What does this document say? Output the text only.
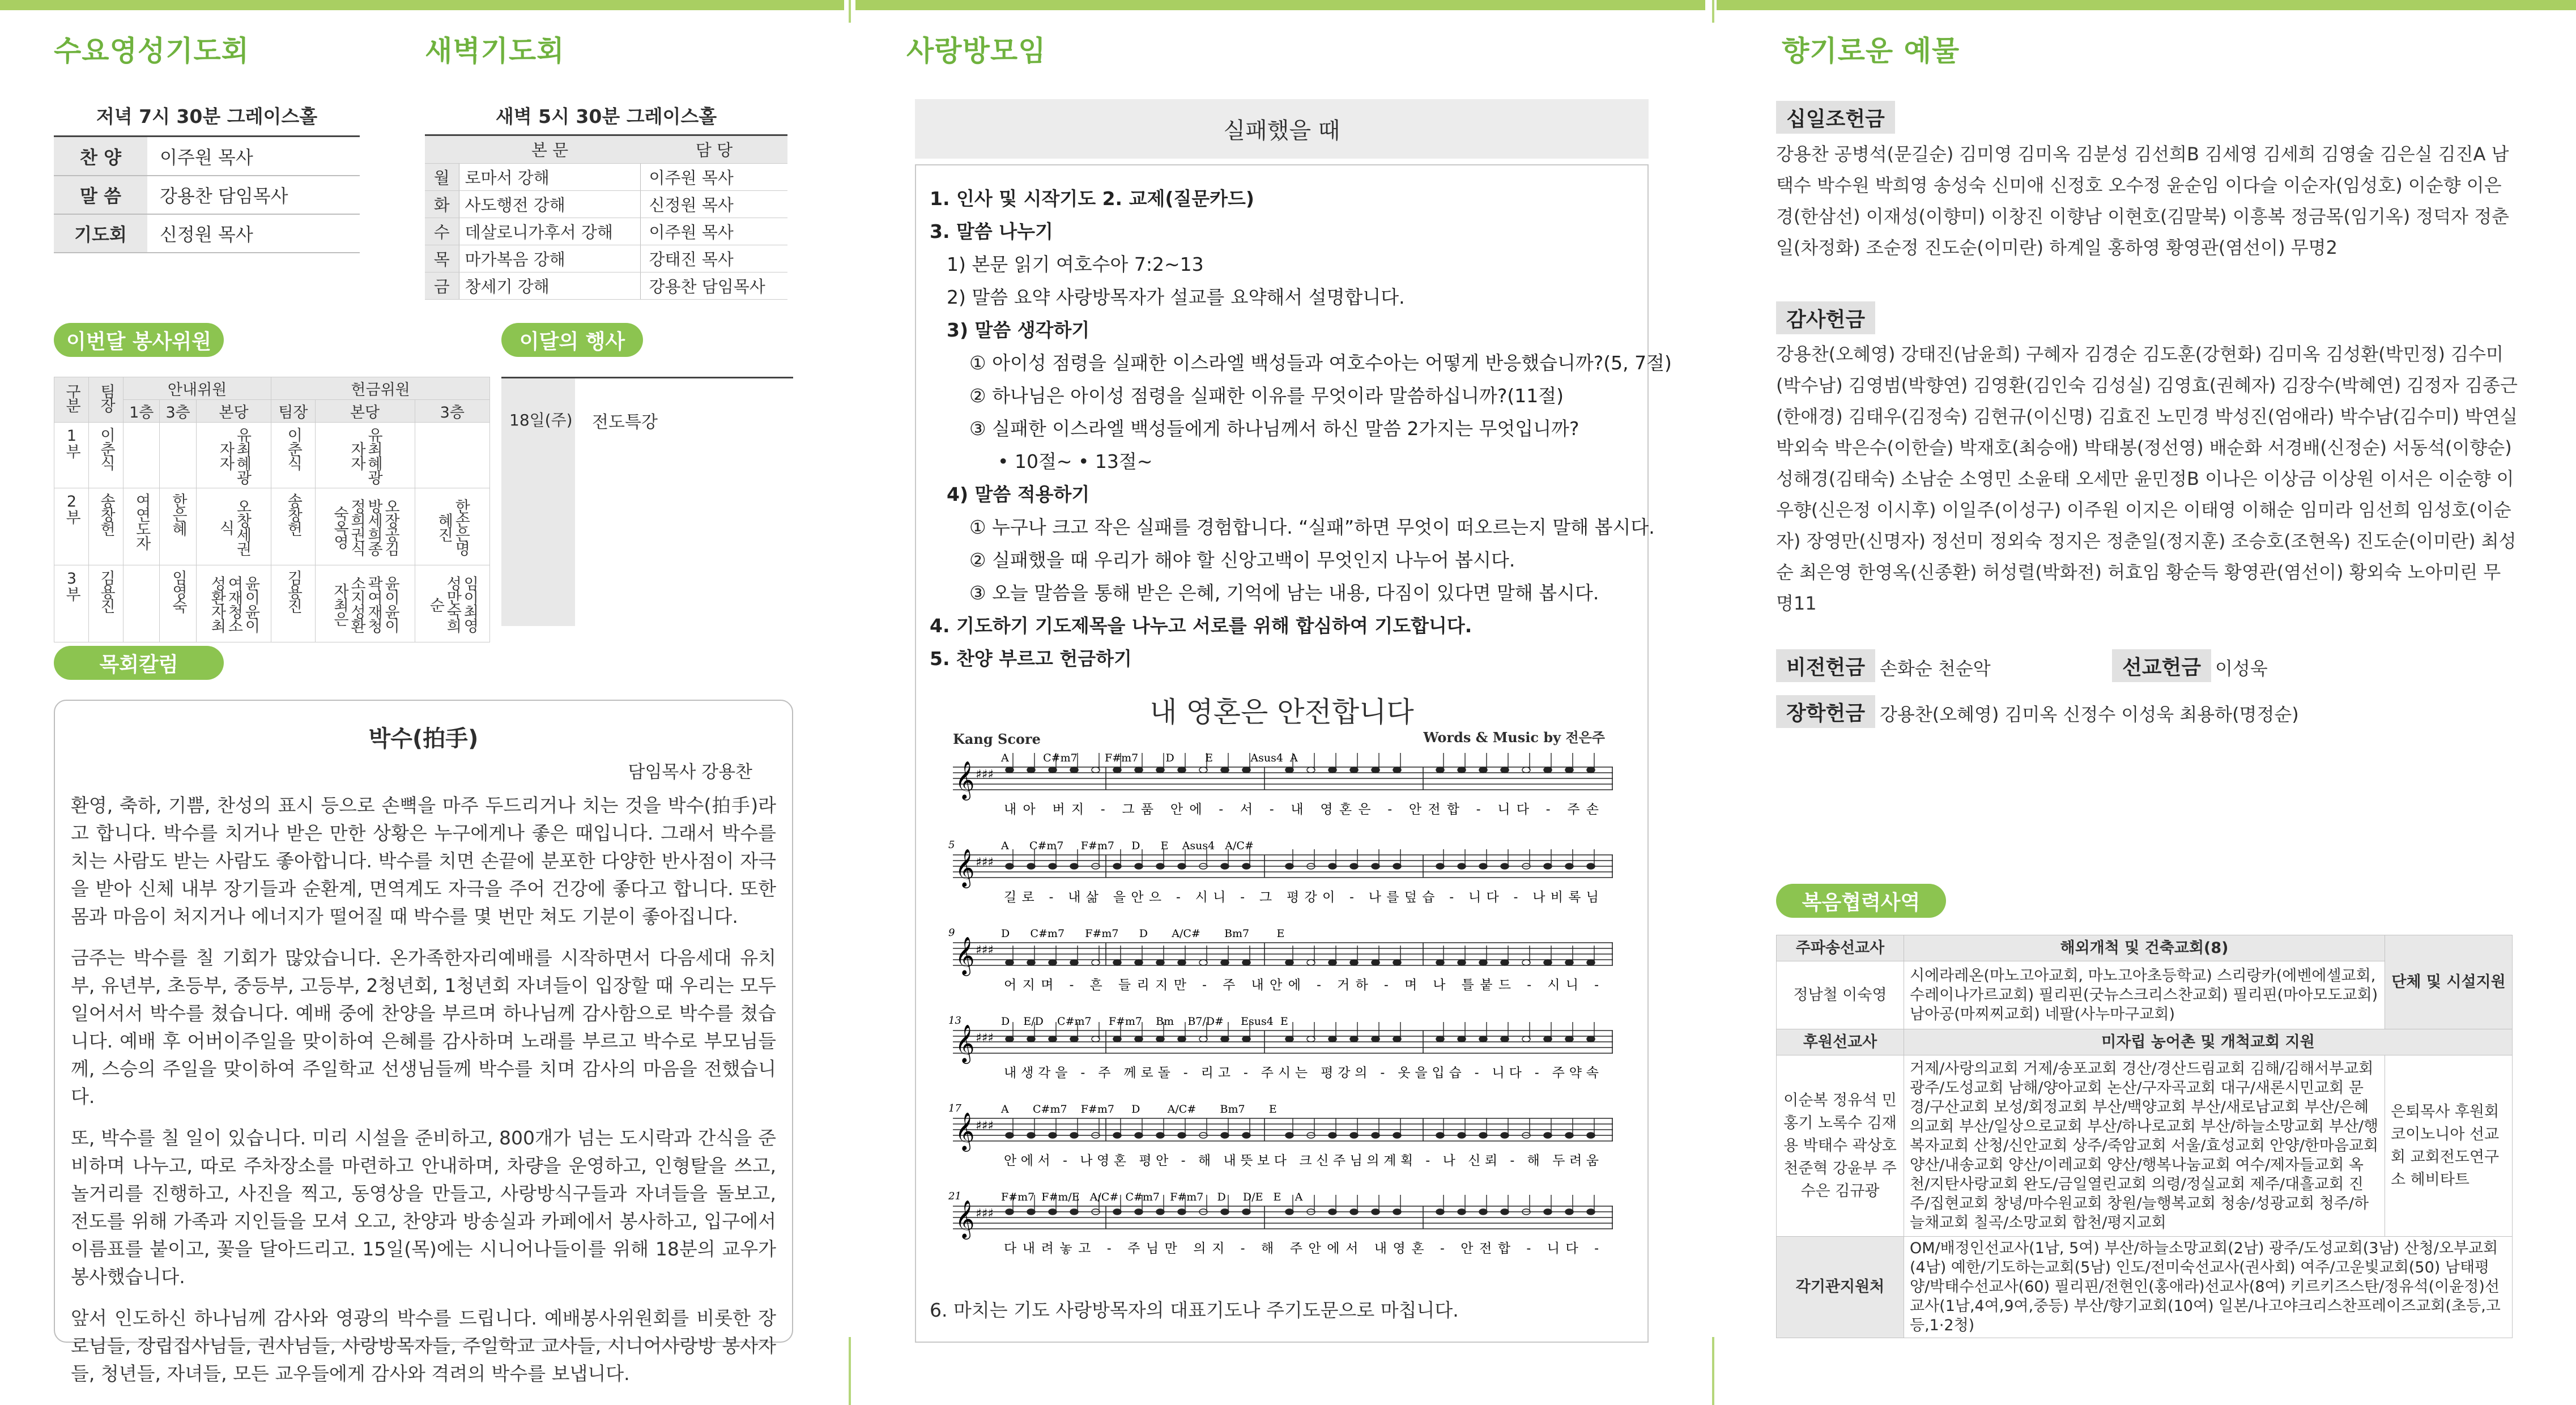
수요영성기도회	새벽기도회
저녁 7시 30분 그레이스홀
찬 양	이주원 목사
말 씀	강용찬 담임목사
기도회	신정원 목사
새벽 5시 30분 그레이스홀
	본 문	담 당
월	로마서 강해	이주원 목사
화	사도행전 강해	신정원 목사
수	데살로니가후서 강해	이주원 목사
목	마가복음 강해	강태진 목사
금	창세기 강해	강용찬 담임목사
이번달 봉사위원	이달의 행사
구분	팀장	안내위원			헌금위원		
		1층	3층	본당	팀장	본당	3층
1부	이춘식			유최혜광자자	이춘식	유최혜광자자	
2부	송창헌	여연도자	한은혜	오창세권식	송창헌	오장공김방세희종정희권식숙옥영	한손은명혜진
3부	김용진		임영숙	윤이윤이여재청소성환자최	김용진	윤이윤이곽여재청소지성환자최은	임이최영성만숙희순
18일(주) 전도특강
목회칼럼
박수(拍手)
담임목사 강용찬

환영, 축하, 기쁨, 찬성의 표시 등으로 손뼉을 마주 두드리거나 치는 것을 박수(拍手)라고 합니다. 박수를 치거나 받은 만한 상황은 누구에게나 좋은 때입니다. 그래서 박수를 치는 사람도 받는 사람도 좋아합니다. 박수를 치면 손끝에 분포한 다양한 반사점이 자극을 받아 신체 내부 장기들과 순환계, 면역계도 자극을 주어 건강에 좋다고 합니다. 또한 몸과 마음이 처지거나 에너지가 떨어질 때 박수를 몇 번만 쳐도 기분이 좋아집니다.

금주는 박수를 칠 기회가 많았습니다. 온가족한자리예배를 시작하면서 다음세대 유치부, 유년부, 초등부, 중등부, 고등부, 2청년회, 1청년회 자녀들이 입장할 때 우리는 모두 일어서서 박수를 쳤습니다. 예배 중에 찬양을 부르며 하나님께 감사함으로 박수를 쳤습니다. 예배 후 어버이주일을 맞이하여 은혜를 감사하며 노래를 부르고 박수로 부모님들께, 스승의 주일을 맞이하여 주일학교 선생님들께 박수를 치며 감사의 마음을 전했습니다.

또, 박수를 칠 일이 있습니다. 미리 시설을 준비하고, 800개가 넘는 도시락과 간식을 준비하며 나누고, 따로 주차장소를 마련하고 안내하며, 차량을 운영하고, 인형탈을 쓰고, 놀거리를 진행하고, 사진을 찍고, 동영상을 만들고, 사랑방식구들과 자녀들을 돌보고, 전도를 위해 가족과 지인들을 모셔 오고, 찬양과 방송실과 카페에서 봉사하고, 입구에서 이름표를 붙이고, 꽃을 달아드리고. 15일(목)에는 시니어나들이를 위해 18분의 교우가 봉사했습니다.

앞서 인도하신 하나님께 감사와 영광의 박수를 드립니다. 예배봉사위원회를 비롯한 장로님들, 장립집사님들, 권사님들, 사랑방목자들, 주일학교 교사들, 시니어사랑방 봉사자들, 청년들, 자녀들, 모든 교우들에게 감사와 격려의 박수를 보냅니다.

사랑방모임
실패했을 때
1. 인사 및 시작기도 2. 교제(질문카드)
3. 말씀 나누기
1) 본문 읽기 여호수아 7:2~13
2) 말씀 요약 사랑방목자가 설교를 요약해서 설명합니다.
3) 말씀 생각하기
① 아이성 점령을 실패한 이스라엘 백성들과 여호수아는 어떻게 반응했습니까?(5, 7절)
② 하나님은 아이성 점령을 실패한 이유를 무엇이라 말씀하십니까?(11절)
③ 실패한 이스라엘 백성들에게 하나님께서 하신 말씀 2가지는 무엇입니까?
• 10절~ • 13절~
4) 말씀 적용하기
① 누구나 크고 작은 실패를 경험합니다. “실패”하면 무엇이 떠오르는지 말해 봅시다.
② 실패했을 때 우리가 해야 할 신앙고백이 무엇인지 나누어 봅시다.
③ 오늘 말씀을 통해 받은 은혜, 기억에 남는 내용, 다짐이 있다면 말해 봅시다.
4. 기도하기 기도제목을 나누고 서로를 위해 합심하여 기도합니다.
5. 찬양 부르고 헌금하기
내 영혼은 안전합니다
Kang Score	Words & Music by 전은주
𝄞 ♯♯♯
A          C#m7        F#m7        D         E           Asus4  A
내아 버지 - 그품 안에 - 서 - 내 영혼은 - 안전합 - 니다 - 주손
𝄞 ♯♯♯
5	A      C#m7     F#m7     D      E    Asus4   A/C#
길로 - 내삶 을안으 - 시니 - 그 평강이 - 나를덮습 - 니다 - 나비록님
𝄞 ♯♯♯
9	D      C#m7      F#m7      D       A/C#       Bm7        E
어지며 - 흔 들리지만 - 주 내안에 - 거하 - 며 나 틀붙드 - 시니 -
𝄞 ♯♯♯
13	D    E/D    C#m7     F#m7    Bm    B7/D#     Esus4  E
내생각을 - 주 께로돌 - 리고 - 주시는 평강의 - 옷을입습 - 니다 - 주약속
𝄞 ♯♯♯
17	A       C#m7    F#m7     D        A/C#       Bm7       E
안에서 - 나영혼 평안 - 해 내뜻보다 크신주님의계획 - 나 신뢰 - 해 두려움
𝄞 ♯♯♯
21	F#m7  F#m/E   A/C#  C#m7   F#m7    D     D/E   E    A
다내려놓고 - 주님만 의지 - 해 주안에서 내영혼 - 안전합 - 니다 -
6. 마치는 기도 사랑방목자의 대표기도나 주기도문으로 마칩니다.
향기로운 예물
십일조헌금
강용찬 공병석(문길순) 김미영 김미옥 김분성 김선희B 김세영 김세희 김영술 김은실 김진A 남택수 박수원 박희영 송성숙 신미애 신정호 오수정 윤순임 이다슬 이순자(임성호) 이순향 이은경(한삼선) 이재성(이향미) 이창진 이향남 이현호(김말북) 이흥복 정금목(임기옥) 정덕자 정춘일(차정화) 조순정 진도순(이미란) 하계일 홍하영 황영관(염선이) 무명2
감사헌금
강용찬(오혜영) 강태진(남윤희) 구혜자 김경순 김도훈(강현화) 김미옥 김성환(박민정) 김수미(박수남) 김영범(박향연) 김영환(김인숙 김성실) 김영효(권혜자) 김장수(박혜연) 김정자 김종근(한애경) 김태우(김정숙) 김현규(이신명) 김효진 노민경 박성진(엄애라) 박수남(김수미) 박연실 박외숙 박은수(이한슬) 박재호(최승애) 박태봉(정선영) 배순화 서경배(신정순) 서동석(이향순) 성해경(김태숙) 소남순 소영민 소윤태 오세만 윤민정B 이나은 이상금 이상원 이서은 이순향 이우향(신은정 이시후) 이일주(이성구) 이주원 이지은 이태영 이해순 임미라 임선희 임성호(이순자) 장영만(신명자) 정선미 정외숙 정지은 정춘일(정지훈) 조승호(조현옥) 진도순(이미란) 최성순 최은영 한영옥(신종환) 허성렬(박화전) 허효임 황순득 황영관(염선이) 황외숙 노아미린 무명11
비전헌금 손화순 천순악	선교헌금 이성욱
장학헌금 강용찬(오혜영) 김미옥 신정수 이성욱 최용하(명정순)
복음협력사역
주파송선교사	해외개척 및 건축교회(8)	단체 및 시설지원
정남철 이숙영	시에라레온(마노고아교회, 마노고아초등학교) 스리랑카(에벤에셀교회,수레이나가르교회) 필리핀(굿뉴스크리스찬교회) 필리핀(마아모도교회) 남아공(마찌찌교회) 네팔(사누마구교회)	
후원선교사	미자립 농어촌 및 개척교회 지원	
이순복 정유석 민홍기 노록수 김재용 박태수 곽상호 천준혁 강윤부 주수은 김규광	거제/사랑의교회 거제/송포교회 경산/경산드림교회 김해/김해서부교회 광주/도성교회 남해/양아교회 논산/구자곡교회 대구/새론시민교회 문경/구산교회 보성/회정교회 부산/백양교회 부산/새로남교회 부산/은혜의교회 부산/일상으로교회 부산/하나로교회 부산/하늘소망교회 부산/행복자교회 산청/신안교회 상주/죽암교회 서울/효성교회 안양/한마음교회 양산/내송교회 양산/이레교회 양산/행복나눔교회 여수/제자들교회 옥천/지탄사랑교회 완도/금일열린교회 의령/정실교회 제주/대흘교회 진주/집현교회 창녕/마수원교회 창원/늘행복교회 청송/성광교회 청주/하늘채교회 칠곡/소망교회 합천/평지교회	은퇴목사 후원회 코이노니아 선교회 교회전도연구소 헤비타트
각기관지원처	OM/배정인선교사(1남, 5여) 부산/하늘소망교회(2남) 광주/도성교회(3남) 산청/오부교회(4남) 예한/기도하는교회(5남) 인도/전미숙선교사(권사회) 여주/고운빛교회(50) 남태평양/박태수선교사(60) 필리핀/전현인(홍애라)선교사(8여) 키르키즈스탄/정유석(이윤정)선교사(1남,4여,9여,중등) 부산/향기교회(10여) 일본/나고야크리스찬프레이즈교회(초등,고등,1·2청)	
